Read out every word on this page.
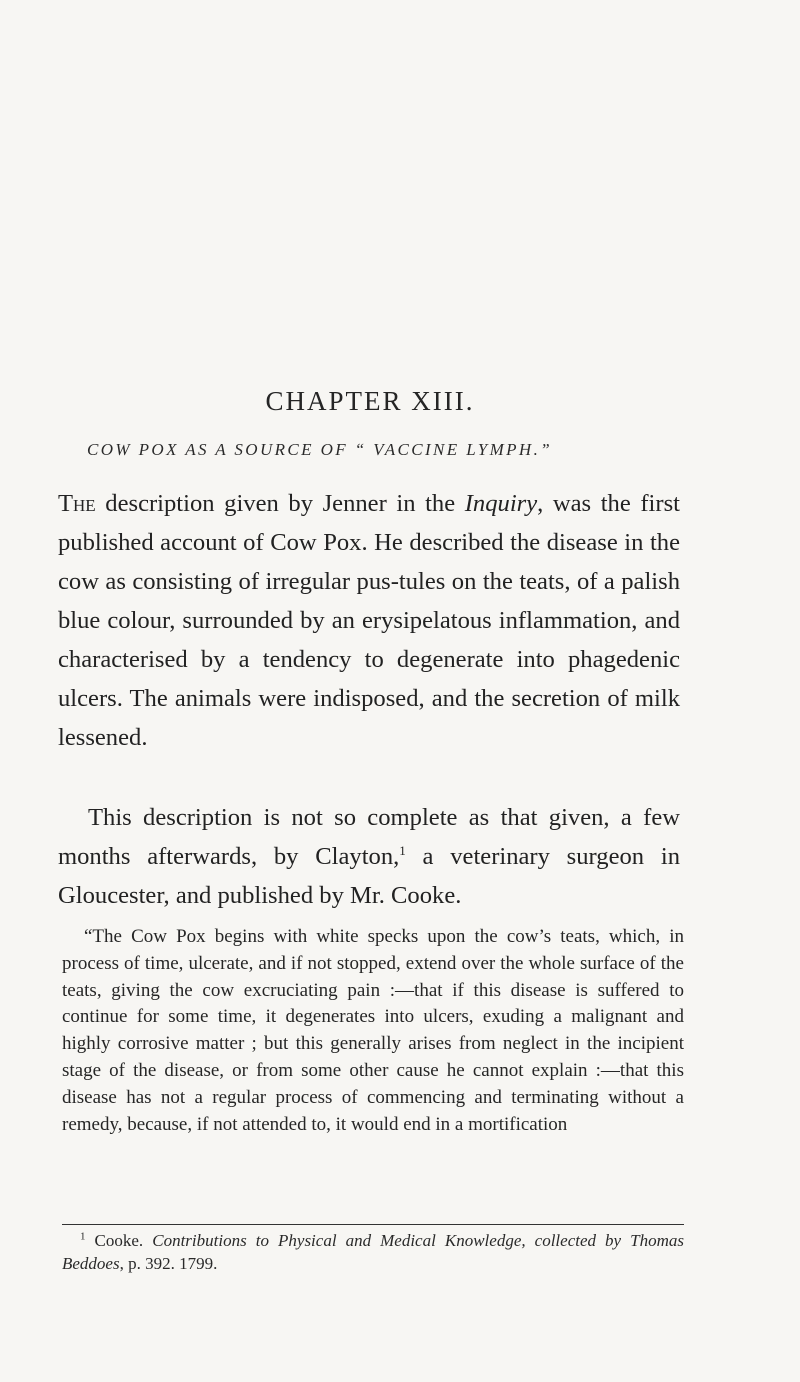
CHAPTER XIII.
COW POX AS A SOURCE OF “ VACCINE LYMPH.”

The description given by Jenner in the Inquiry, was the first published account of Cow Pox. He described the disease in the cow as consisting of irregular pus-tules on the teats, of a palish blue colour, surrounded by an erysipelatous inflammation, and characterised by a tendency to degenerate into phagedenic ulcers. The animals were indisposed, and the secretion of milk lessened.

This description is not so complete as that given, a few months afterwards, by Clayton,$^1$ a veterinary surgeon in Gloucester, and published by Mr. Cooke.

“The Cow Pox begins with white specks upon the cow’s teats, which, in process of time, ulcerate, and if not stopped, extend over the whole surface of the teats, giving the cow excruciating pain :—that if this disease is suffered to continue for some time, it degenerates into ulcers, exuding a malignant and highly corrosive matter ; but this generally arises from neglect in the incipient stage of the disease, or from some other cause he cannot explain :—that this disease has not a regular process of commencing and terminating without a remedy, because, if not attended to, it would end in a mortification

$^1$ Cooke. Contributions to Physical and Medical Knowledge, collected by Thomas Beddoes, p. 392. 1799.
